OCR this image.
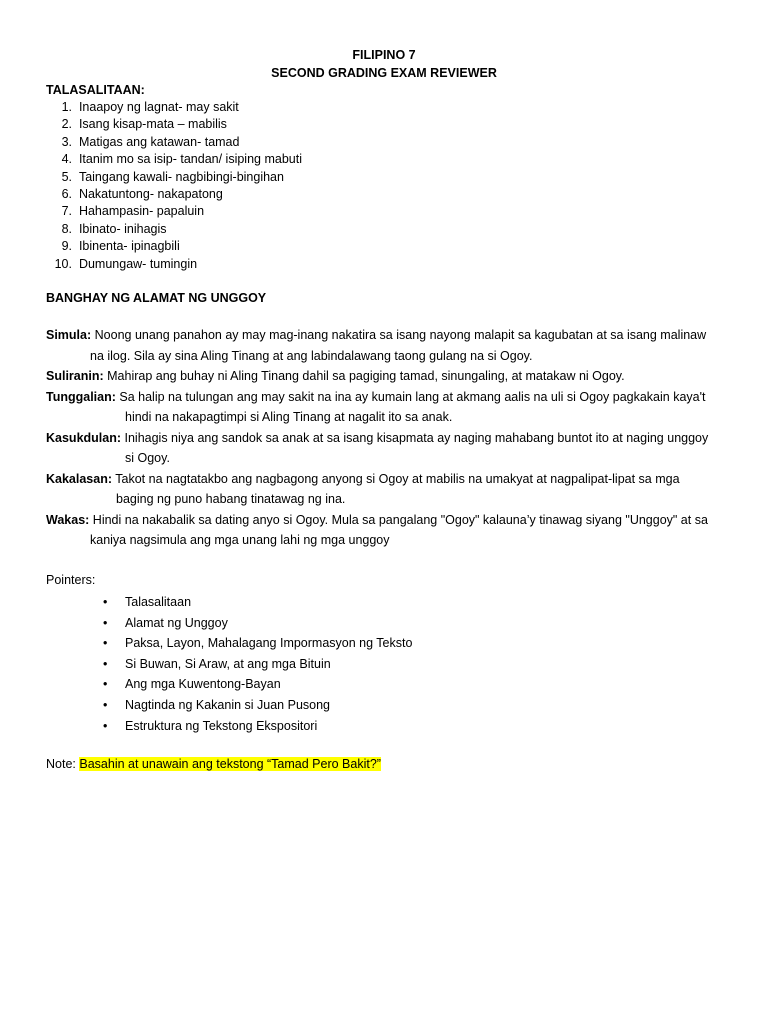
FILIPINO 7
SECOND GRADING EXAM REVIEWER
TALASALITAAN:
1. Inaapoy ng lagnat- may sakit
2. Isang kisap-mata – mabilis
3. Matigas ang katawan- tamad
4. Itanim mo sa isip- tandan/ isiping mabuti
5. Taingang kawali- nagbibingi-bingihan
6. Nakatuntong- nakapatong
7. Hahampasin- papaluin
8. Ibinato- inihagis
9. Ibinenta- ipinagbili
10. Dumungaw- tumingin
BANGHAY NG ALAMAT NG UNGGOY

Simula: Noong unang panahon ay may mag-inang nakatira sa isang nayong malapit sa kagubatan at sa isang malinaw
na ilog. Sila ay sina Aling Tinang at ang labindalawang taong gulang na si Ogoy.

Suliranin: Mahirap ang buhay ni Aling Tinang dahil sa pagiging tamad, sinungaling, at matakaw ni Ogoy.

Tunggalian: Sa halip na tulungan ang may sakit na ina ay kumain lang at akmang aalis na uli si Ogoy pagkakain kaya't
hindi na nakapagtimpi si Aling Tinang at nagalit ito sa anak.

Kasukdulan: Inihagis niya ang sandok sa anak at sa isang kisapmata ay naging mahabang buntot ito at naging unggoy
si Ogoy.

Kakalasan: Takot na nagtatakbo ang nagbagong anyong si Ogoy at mabilis na umakyat at nagpalipat-lipat sa mga
baging ng puno habang tinatawag ng ina.

Wakas: Hindi na nakabalik sa dating anyo si Ogoy. Mula sa pangalang "Ogoy" kalauna’y tinawag siyang "Unggoy" at sa
kaniya nagsimula ang mga unang lahi ng mga unggoy

Pointers:
• Talasalitaan
• Alamat ng Unggoy
• Paksa, Layon, Mahalagang Impormasyon ng Teksto
• Si Buwan, Si Araw, at ang mga Bituin
• Ang mga Kuwentong-Bayan
• Nagtinda ng Kakanin si Juan Pusong
• Estruktura ng Tekstong Ekspositori
Note: Basahin at unawain ang tekstong “Tamad Pero Bakit?”
